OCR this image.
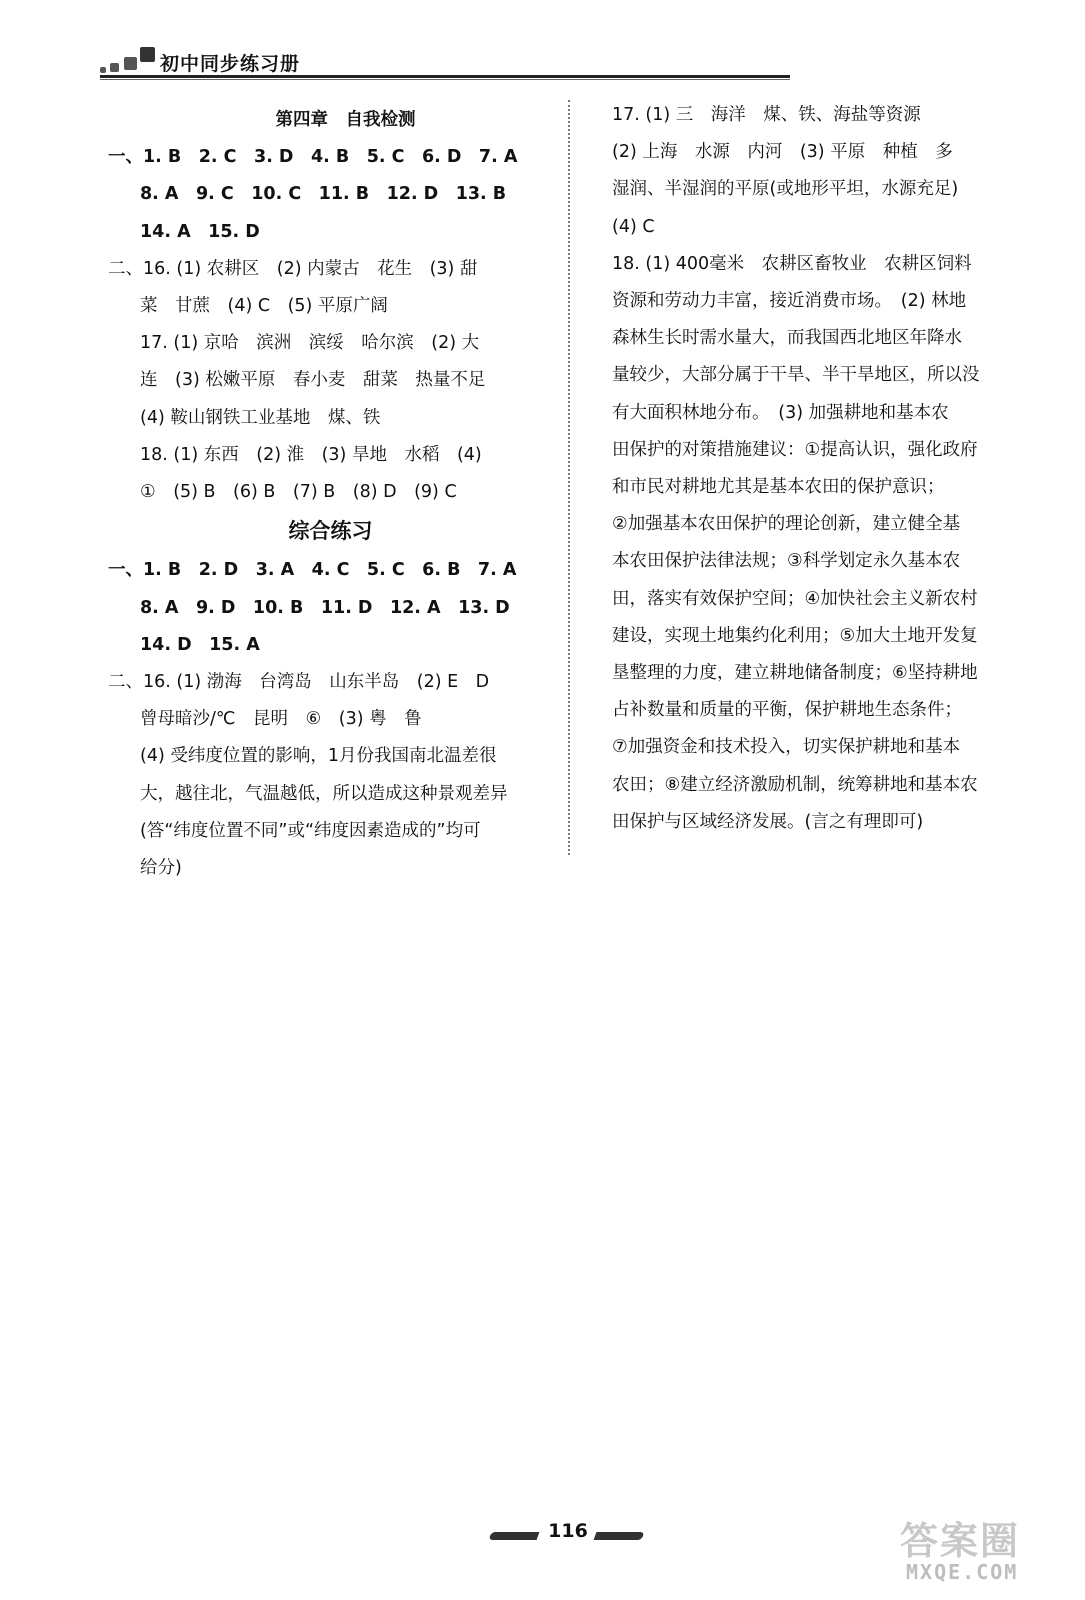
初中同步练习册
第四章　自我检测
一、1. B　2. C　3. D　4. B　5. C　6. D　7. A
8. A　9. C　10. C　11. B　12. D　13. B
14. A　15. D
二、16. (1) 农耕区　(2) 内蒙古　花生　(3) 甜
菜　甘蔗　(4) C　(5) 平原广阔
17. (1) 京哈　滨洲　滨绥　哈尔滨　(2) 大
连　(3) 松嫩平原　春小麦　甜菜　热量不足
(4) 鞍山钢铁工业基地　煤、铁
18. (1) 东西　(2) 淮　(3) 旱地　水稻　(4)
①　(5) B　(6) B　(7) B　(8) D　(9) C
综合练习
一、1. B　2. D　3. A　4. C　5. C　6. B　7. A
8. A　9. D　10. B　11. D　12. A　13. D
14. D　15. A
二、16. (1) 渤海　台湾岛　山东半岛　(2) E　D
曾母暗沙/℃　昆明　⑥　(3) 粤　鲁
(4) 受纬度位置的影响，1月份我国南北温差很
大，越往北，气温越低，所以造成这种景观差异
(答“纬度位置不同”或“纬度因素造成的”均可
给分)
17. (1) 三　海洋　煤、铁、海盐等资源
(2) 上海　水源　内河　(3) 平原　种植　多
湿润、半湿润的平原(或地形平坦，水源充足)
(4) C
18. (1) 400毫米　农耕区畜牧业　农耕区饲料
资源和劳动力丰富，接近消费市场。　(2) 林地
森林生长时需水量大，而我国西北地区年降水
量较少，大部分属于干旱、半干旱地区，所以没
有大面积林地分布。　(3) 加强耕地和基本农
田保护的对策措施建议：①提高认识，强化政府
和市民对耕地尤其是基本农田的保护意识；
②加强基本农田保护的理论创新，建立健全基
本农田保护法律法规；③科学划定永久基本农
田，落实有效保护空间；④加快社会主义新农村
建设，实现土地集约化利用；⑤加大土地开发复
垦整理的力度，建立耕地储备制度；⑥坚持耕地
占补数量和质量的平衡，保护耕地生态条件；
⑦加强资金和技术投入，切实保护耕地和基本
农田；⑧建立经济激励机制，统筹耕地和基本农
田保护与区域经济发展。(言之有理即可)
116	答案圈
MXQE.COM
